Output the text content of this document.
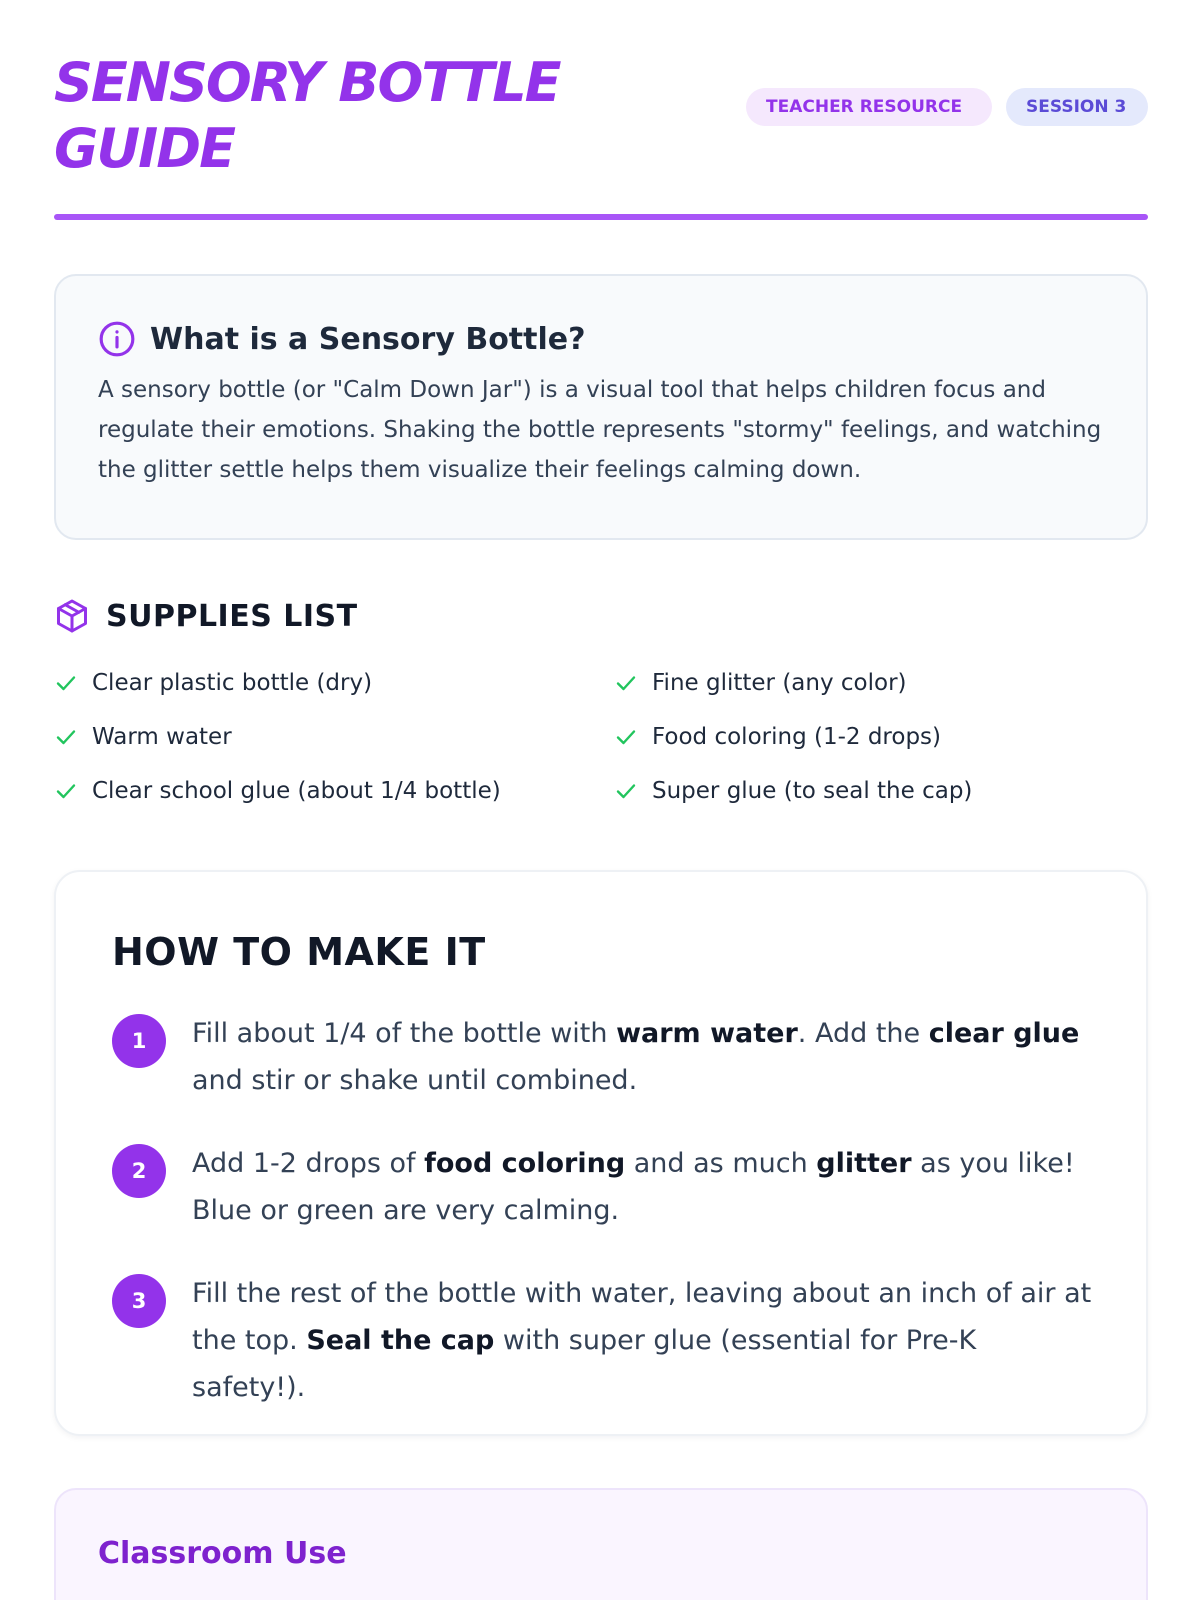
SENSORY BOTTLE GUIDE
TEACHER RESOURCE	SESSION 3
What is a Sensory Bottle?

A sensory bottle (or "Calm Down Jar") is a visual tool that helps children focus and regulate their emotions. Shaking the bottle represents "stormy" feelings, and watching the glitter settle helps them visualize their feelings calming down.

SUPPLIES LIST
Clear plastic bottle (dry)	Fine glitter (any color)
Warm water	Food coloring (1-2 drops)
Clear school glue (about 1/4 bottle)	Super glue (to seal the cap)
HOW TO MAKE IT
1	Fill about 1/4 of the bottle with warm water. Add the clear glue and stir or shake until combined.

2	Add 1-2 drops of food coloring and as much glitter as you like! Blue or green are very calming.

3	Fill the rest of the bottle with water, leaving about an inch of air at the top. Seal the cap with super glue (essential for Pre-K safety!).

Classroom Use
